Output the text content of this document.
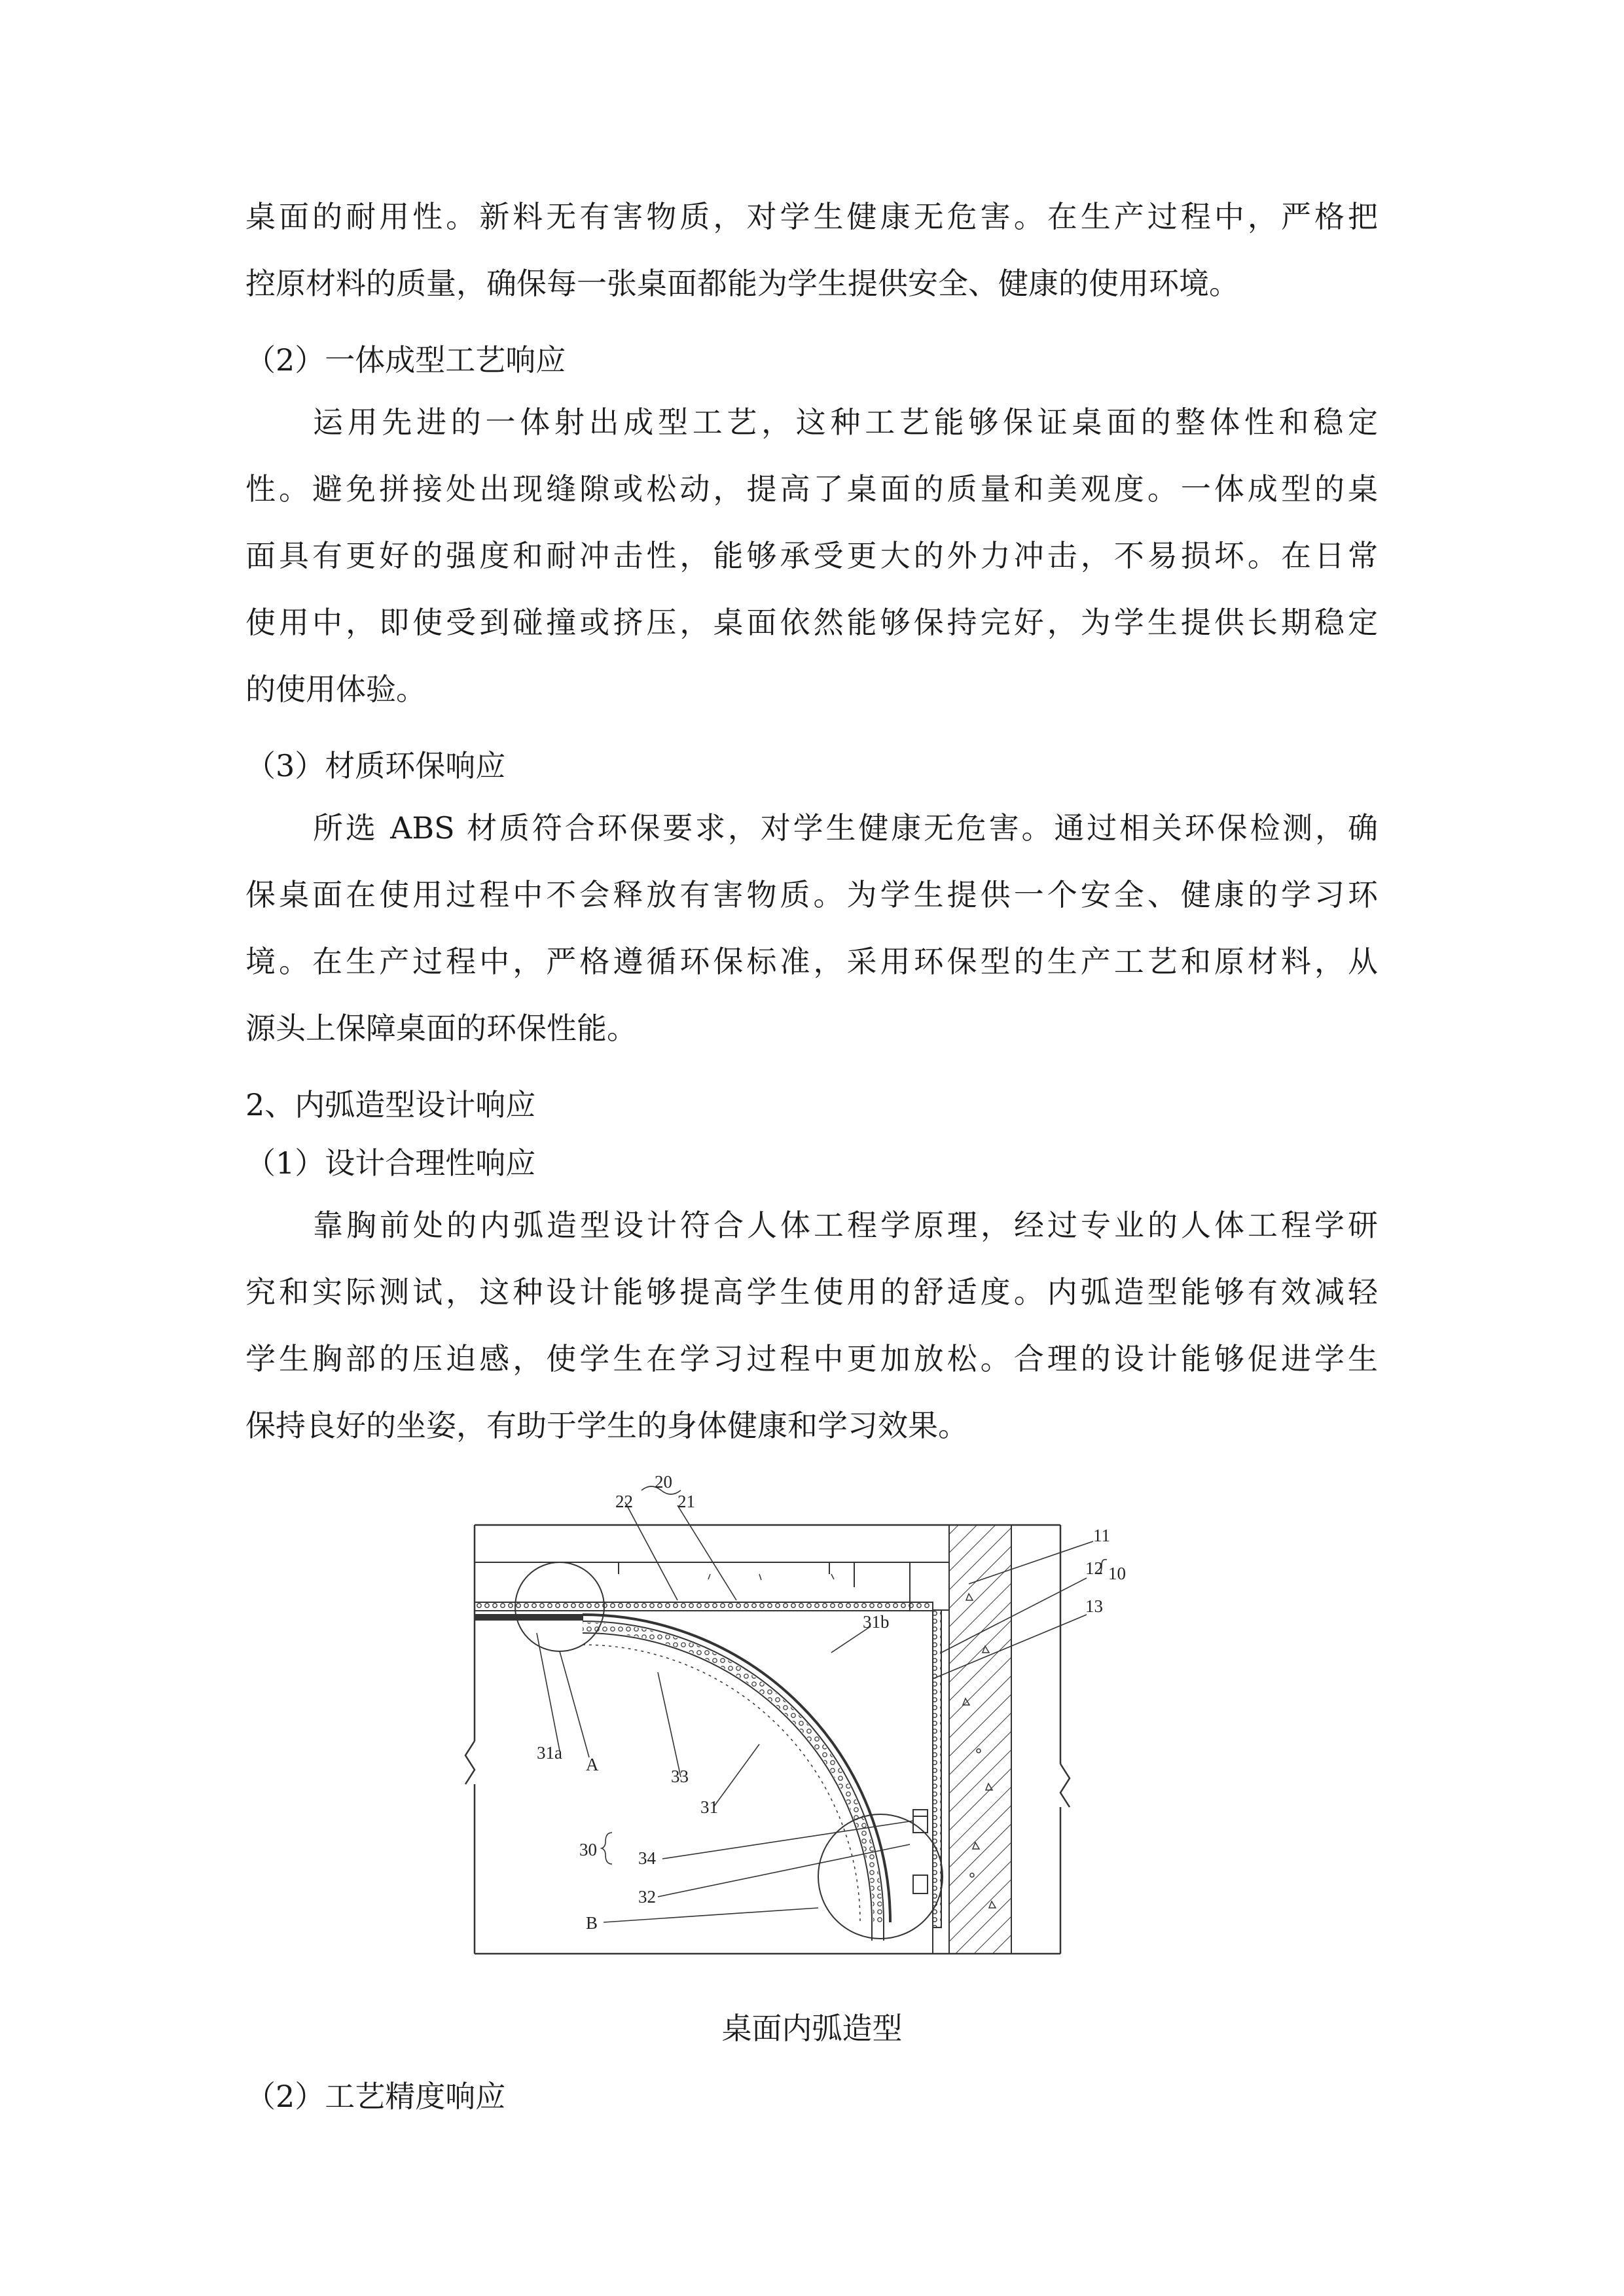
桌面的耐用性。新料无有害物质，对学生健康无危害。在生产过程中，严格把

控原材料的质量，确保每一张桌面都能为学生提供安全、健康的使用环境。

（2）一体成型工艺响应

运用先进的一体射出成型工艺，这种工艺能够保证桌面的整体性和稳定

性。避免拼接处出现缝隙或松动，提高了桌面的质量和美观度。一体成型的桌

面具有更好的强度和耐冲击性，能够承受更大的外力冲击，不易损坏。在日常

使用中，即使受到碰撞或挤压，桌面依然能够保持完好，为学生提供长期稳定

的使用体验。

（3）材质环保响应

所选 ABS 材质符合环保要求，对学生健康无危害。通过相关环保检测，确

保桌面在使用过程中不会释放有害物质。为学生提供一个安全、健康的学习环

境。在生产过程中，严格遵循环保标准，采用环保型的生产工艺和原材料，从

源头上保障桌面的环保性能。

2、内弧造型设计响应

（1）设计合理性响应

靠胸前处的内弧造型设计符合人体工程学原理，经过专业的人体工程学研

究和实际测试，这种设计能够提高学生使用的舒适度。内弧造型能够有效减轻

学生胸部的压迫感，使学生在学习过程中更加放松。合理的设计能够促进学生

保持良好的坐姿，有助于学生的身体健康和学习效果。

20
22	21
11
12 10
13
31a
A
33
31b
31
30 34
32
B

桌面内弧造型

（2）工艺精度响应
